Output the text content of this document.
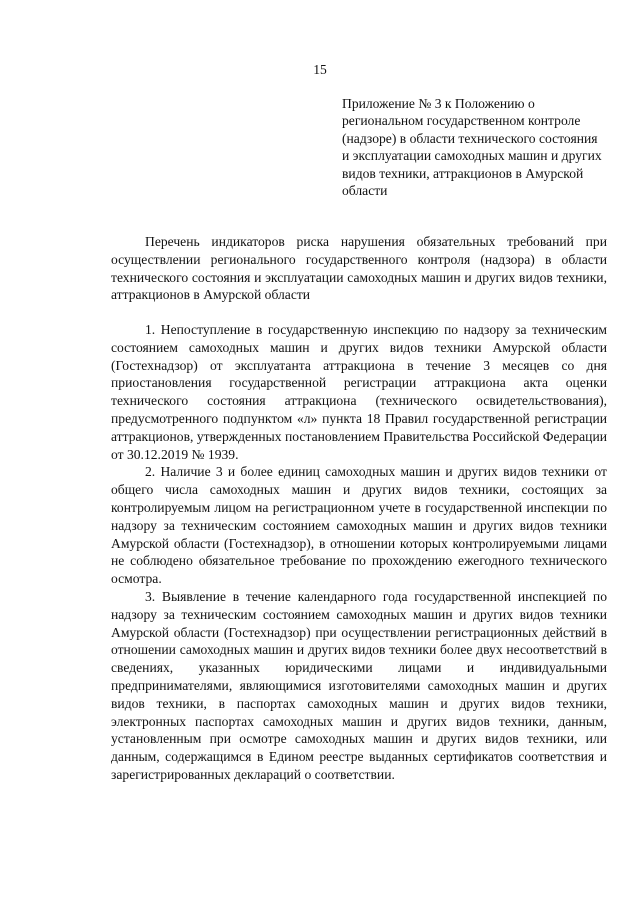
15
Приложение № 3 к Положению о региональном государственном контроле (надзоре) в области технического состояния и эксплуатации самоходных машин и других видов техники, аттракционов в Амурской области
Перечень индикаторов риска нарушения обязательных требований при осуществлении регионального государственного контроля (надзора) в области технического состояния и эксплуатации самоходных машин и других видов техники, аттракционов в Амурской области

1. Непоступление в государственную инспекцию по надзору за техническим состоянием самоходных машин и других видов техники Амурской области (Гостехнадзор) от эксплуатанта аттракциона в течение 3 месяцев со дня приостановления государственной регистрации аттракциона акта оценки технического состояния аттракциона (технического освидетельствования), предусмотренного подпунктом «л» пункта 18 Правил государственной регистрации аттракционов, утвержденных постановлением Правительства Российской Федерации от 30.12.2019 № 1939.

2. Наличие 3 и более единиц самоходных машин и других видов техники от общего числа самоходных машин и других видов техники, состоящих за контролируемым лицом на регистрационном учете в государственной инспекции по надзору за техническим состоянием самоходных машин и других видов техники Амурской области (Гостехнадзор), в отношении которых контролируемыми лицами не соблюдено обязательное требование по прохождению ежегодного технического осмотра.

3. Выявление в течение календарного года государственной инспекцией по надзору за техническим состоянием самоходных машин и других видов техники Амурской области (Гостехнадзор) при осуществлении регистрационных действий в отношении самоходных машин и других видов техники более двух несоответствий в сведениях, указанных юридическими лицами и индивидуальными предпринимателями, являющимися изготовителями самоходных машин и других видов техники, в паспортах самоходных машин и других видов техники, электронных паспортах самоходных машин и других видов техники, данным, установленным при осмотре самоходных машин и других видов техники, или данным, содержащимся в Едином реестре выданных сертификатов соответствия и зарегистрированных деклараций о соответствии.
